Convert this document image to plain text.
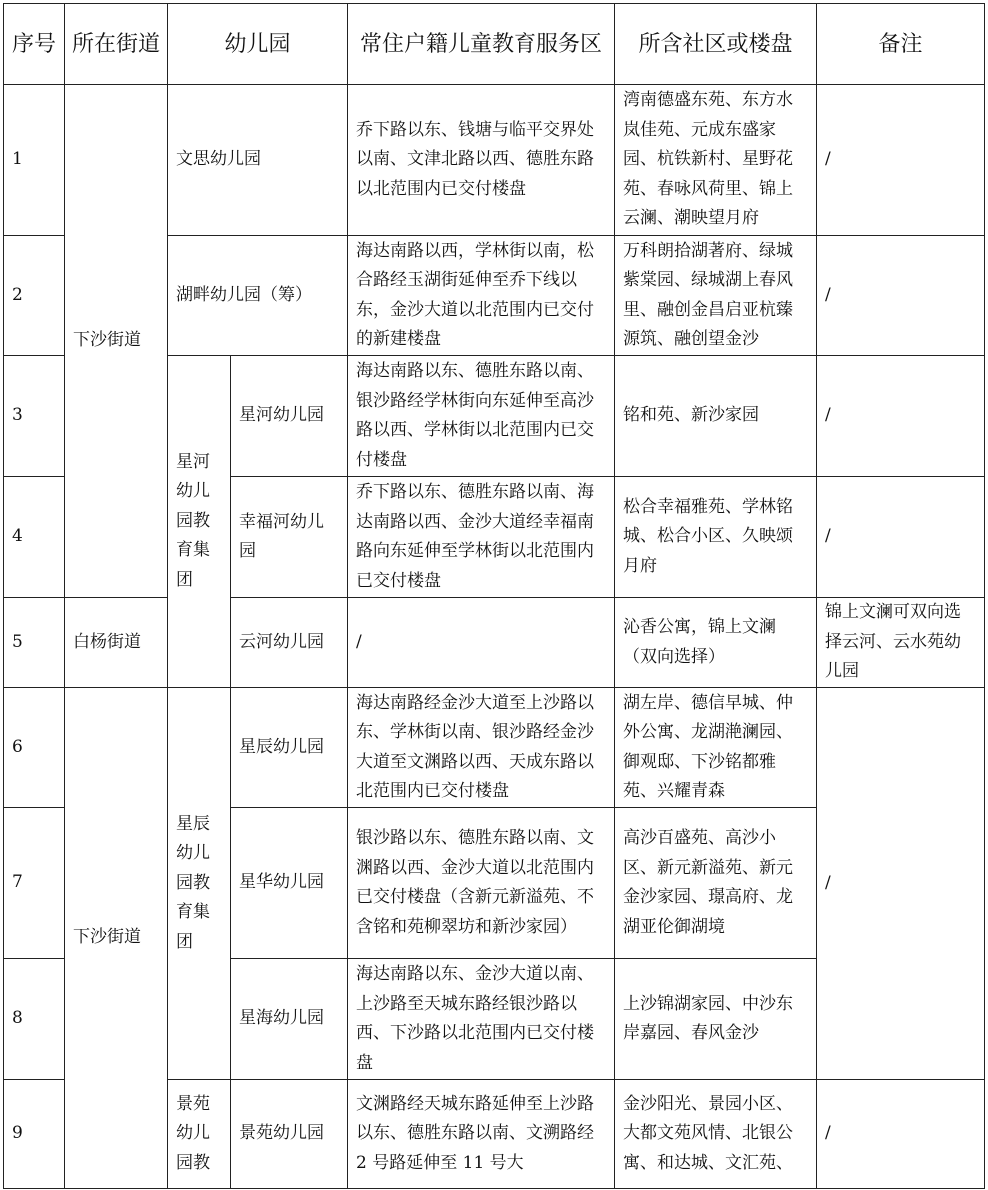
序号	所在街道	幼儿园		常住户籍儿童教育服务区	所含社区或楼盘	备注
1	下沙街道	文思幼儿园		乔下路以东、钱塘与临平交界处以南、文津北路以西、德胜东路以北范围内已交付楼盘	湾南德盛东苑、东方水岚佳苑、元成东盛家园、杭铁新村、星野花苑、春咏风荷里、锦上云澜、潮映望月府	/
2		湖畔幼儿园（筹）		海达南路以西，学林街以南，松合路经玉湖街延伸至乔下线以东，金沙大道以北范围内已交付的新建楼盘	万科朗拾湖著府、绿城紫棠园、绿城湖上春风里、融创金昌启亚杭臻源筑、融创望金沙	/
3		星河幼儿园教育集团	星河幼儿园	海达南路以东、德胜东路以南、银沙路经学林街向东延伸至高沙路以西、学林街以北范围内已交付楼盘	铭和苑、新沙家园	/
4			幸福河幼儿园	乔下路以东、德胜东路以南、海达南路以西、金沙大道经幸福南路向东延伸至学林街以北范围内已交付楼盘	松合幸福雅苑、学林铭城、松合小区、久映颂月府	/
5	白杨街道		云河幼儿园	/	沁香公寓，锦上文澜（双向选择）	锦上文澜可双向选择云河、云水苑幼儿园
6	下沙街道	星辰幼儿园教育集团	星辰幼儿园	海达南路经金沙大道至上沙路以东、学林街以南、银沙路经金沙大道至文渊路以西、天成东路以北范围内已交付楼盘	湖左岸、德信早城、仲外公寓、龙湖滟澜园、御观邸、下沙铭都雅苑、兴耀青森	/
7			星华幼儿园	银沙路以东、德胜东路以南、文渊路以西、金沙大道以北范围内已交付楼盘（含新元新溢苑、不含铭和苑柳翠坊和新沙家园）	高沙百盛苑、高沙小区、新元新溢苑、新元金沙家园、璟高府、龙湖亚伦御湖境	
8			星海幼儿园	海达南路以东、金沙大道以南、上沙路至天城东路经银沙路以西、下沙路以北范围内已交付楼盘	上沙锦湖家园、中沙东岸嘉园、春风金沙	
9		景苑幼儿园教	景苑幼儿园	文渊路经天城东路延伸至上沙路以东、德胜东路以南、文溯路经 2 号路延伸至 11 号大	金沙阳光、景园小区、大都文苑风情、北银公寓、和达城、文汇苑、	/
